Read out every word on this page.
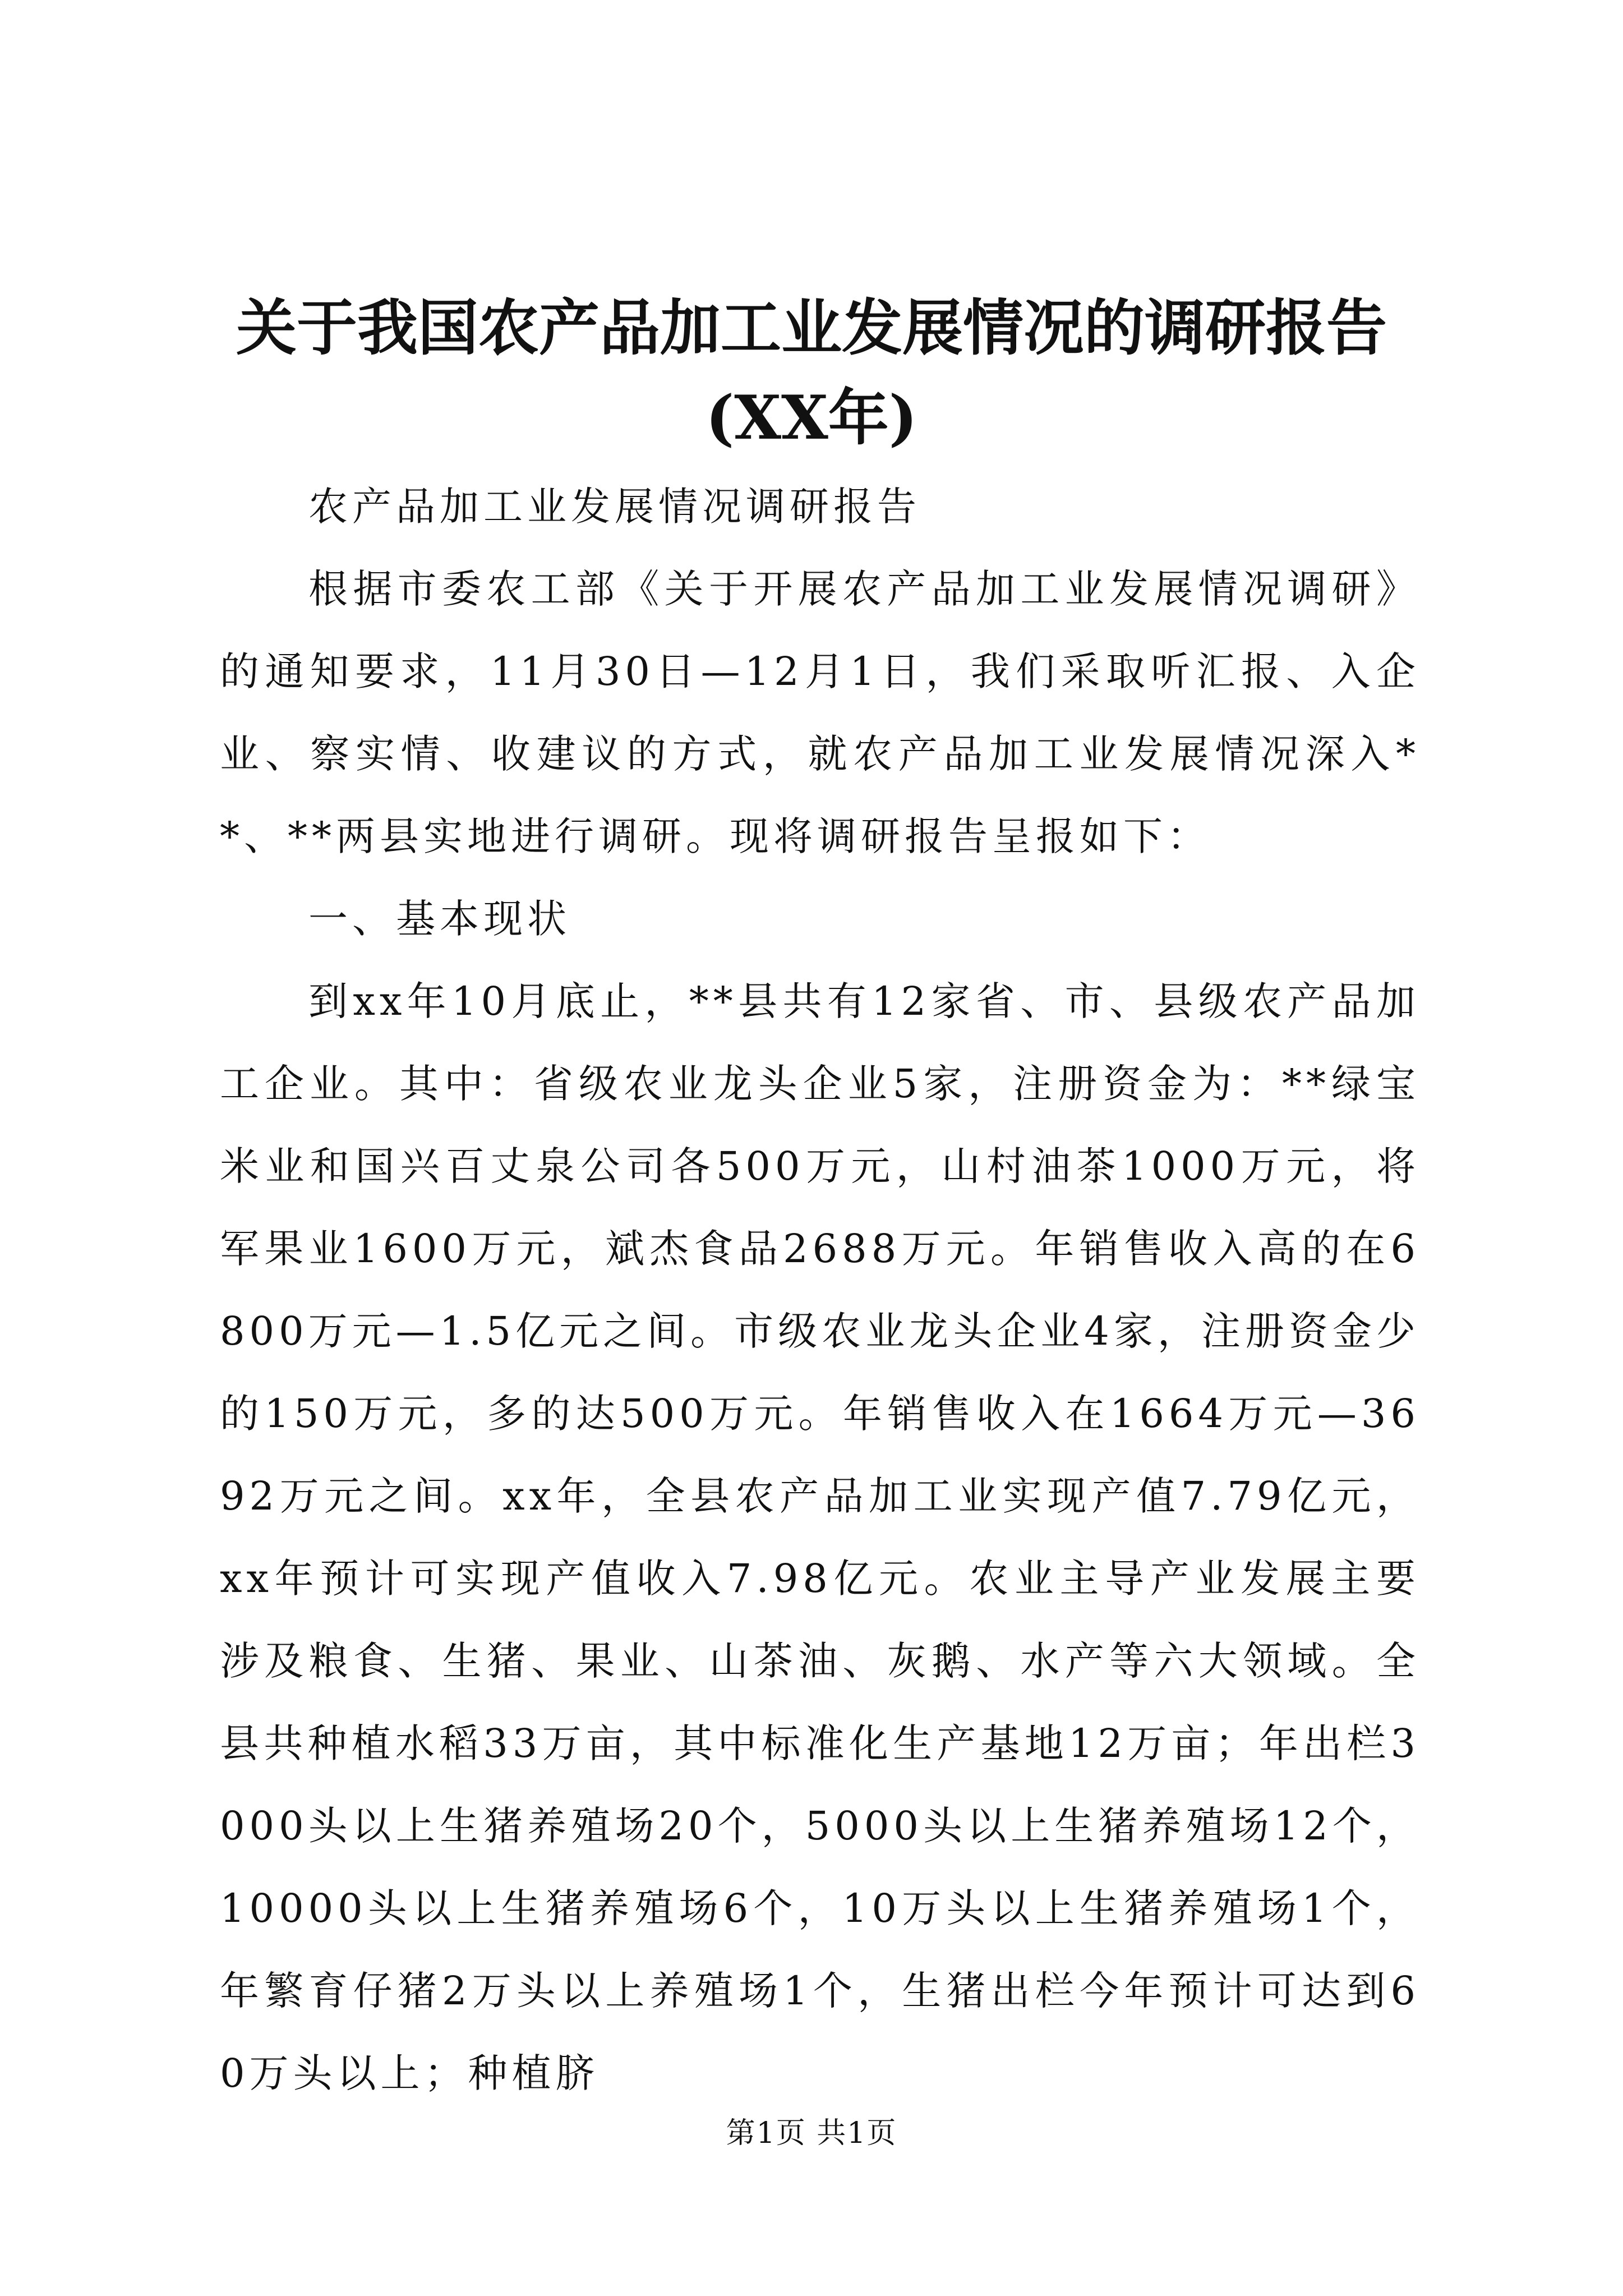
关于我国农产品加工业发展情况的调研报告
(XX年)

农产品加工业发展情况调研报告

根据市委农工部《关于开展农产品加工业发展情况调研》的通知要求，11月30日—12月1日，我们采取听汇报、入企业、察实情、收建议的方式，就农产品加工业发展情况深入**、**两县实地进行调研。现将调研报告呈报如下：

一、基本现状

到xx年10月底止，**县共有12家省、市、县级农产品加工企业。其中：省级农业龙头企业5家，注册资金为：**绿宝米业和国兴百丈泉公司各500万元，山村油茶1000万元，将军果业1600万元，斌杰食品2688万元。年销售收入高的在6800万元—1.5亿元之间。市级农业龙头企业4家，注册资金少的150万元，多的达500万元。年销售收入在1664万元—3692万元之间。xx年，全县农产品加工业实现产值7.79亿元，xx年预计可实现产值收入7.98亿元。农业主导产业发展主要涉及粮食、生猪、果业、山茶油、灰鹅、水产等六大领域。全县共种植水稻33万亩，其中标准化生产基地12万亩；年出栏3000头以上生猪养殖场20个，5000头以上生猪养殖场12个，10000头以上生猪养殖场6个，10万头以上生猪养殖场1个，年繁育仔猪2万头以上养殖场1个，生猪出栏今年预计可达到60万头以上；种植脐

第1页 共1页
